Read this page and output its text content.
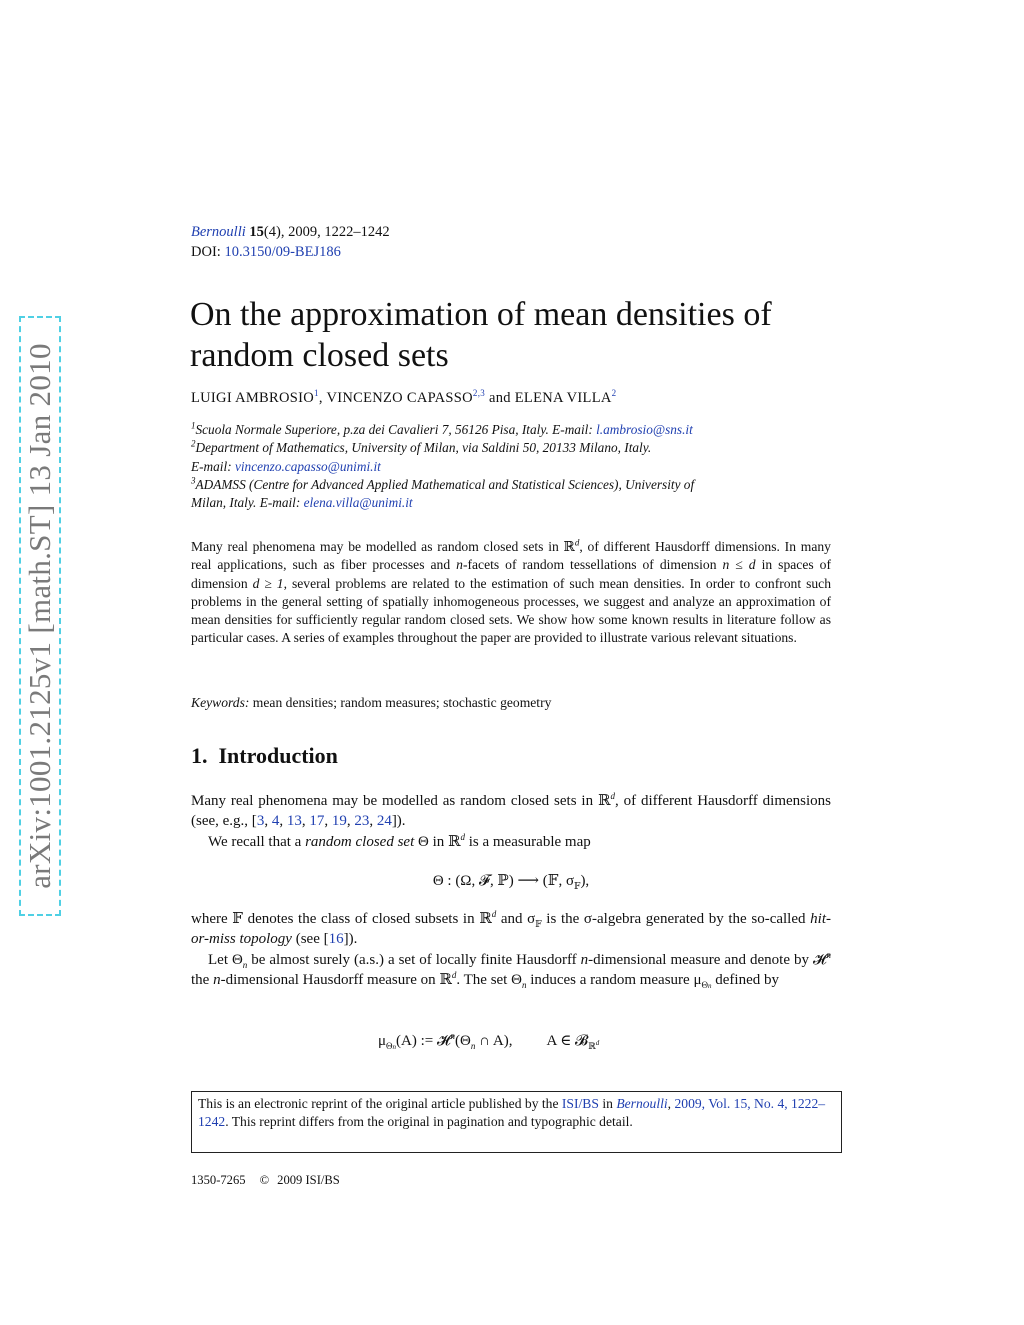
arXiv:1001.2125v1 [math.ST] 13 Jan 2010
Bernoulli 15(4), 2009, 1222–1242
DOI: 10.3150/09-BEJ186
On the approximation of mean densities of random closed sets
LUIGI AMBROSIO$^1$, VINCENZO CAPASSO$^{2,3}$ and ELENA VILLA$^2$
$^1$Scuola Normale Superiore, p.za dei Cavalieri 7, 56126 Pisa, Italy. E-mail: l.ambrosio@sns.it
$^2$Department of Mathematics, University of Milan, via Saldini 50, 20133 Milano, Italy.
E-mail: vincenzo.capasso@unimi.it
$^3$ADAMSS (Centre for Advanced Applied Mathematical and Statistical Sciences), University of
Milan, Italy. E-mail: elena.villa@unimi.it

Many real phenomena may be modelled as random closed sets in ℝ$^d$, of different Hausdorff dimensions. In many real applications, such as fiber processes and n-facets of random tessellations of dimension n ≤ d in spaces of dimension d ≥ 1, several problems are related to the estimation of such mean densities. In order to confront such problems in the general setting of spatially inhomogeneous processes, we suggest and analyze an approximation of mean densities for sufficiently regular random closed sets. We show how some known results in literature follow as particular cases. A series of examples throughout the paper are provided to illustrate various relevant situations.

Keywords: mean densities; random measures; stochastic geometry
1. Introduction

Many real phenomena may be modelled as random closed sets in ℝ$^d$, of different Hausdorff dimensions (see, e.g., [3, 4, 13, 17, 19, 23, 24]).

We recall that a random closed set Θ in ℝ$^d$ is a measurable map

Θ : (Ω, 𝓕, ℙ) ⟶ (𝔽, $\sigma_𝔽$),

where 𝔽 denotes the class of closed subsets in ℝ$^d$ and $\sigma_𝔽$ is the σ-algebra generated by the so-called hit-or-miss topology (see [16]).

Let $\Theta_n$ be almost surely (a.s.) a set of locally finite Hausdorff n-dimensional measure and denote by 𝓗$^n$ the n-dimensional Hausdorff measure on ℝ$^d$. The set $\Theta_n$ induces a random measure $\mu_{\Theta n}$ defined by

$\mu_{\Theta n}(A)$ := $𝓗^n(\Theta_n$ ∩ A), A ∈ 𝓑$_{ℝ^d}$
This is an electronic reprint of the original article published by the ISI/BS in Bernoulli, 2009, Vol. 15, No. 4, 1222–1242. This reprint differs from the original in pagination and typographic detail.
1350-7265 © 2009 ISI/BS
